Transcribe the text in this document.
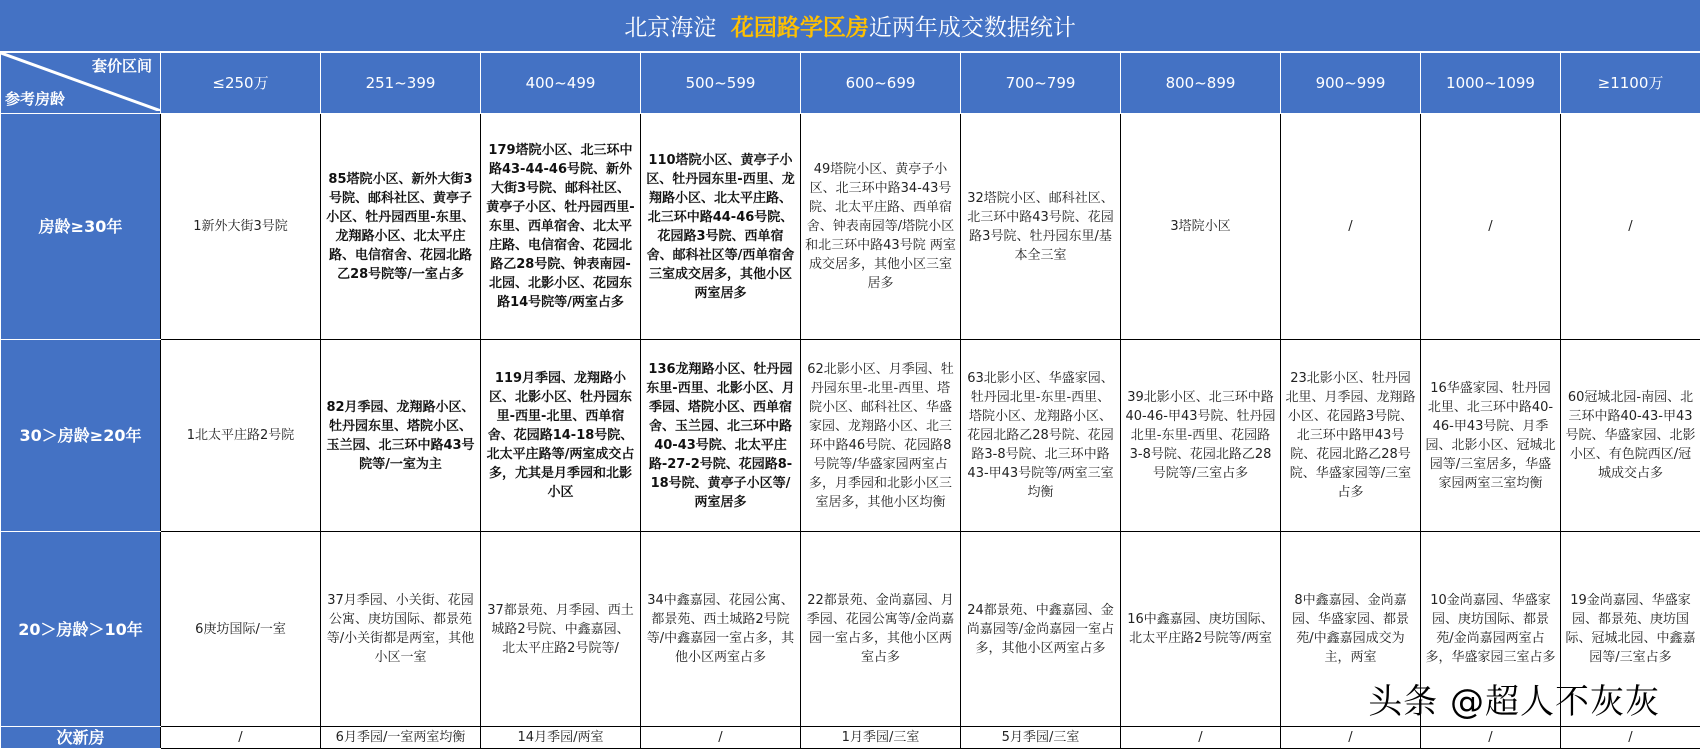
北京海淀 花园路学区房 近两年成交数据统计
套价区间
参考房龄	≤250万	251~399	400~499	500~599	600~699	700~799	800~899	900~999	1000~1099	≥1100万
房龄≥30年	1新外大街3号院	85塔院小区、新外大街3号院、邮科社区、黄亭子小区、牡丹园西里-东里、龙翔路小区、北太平庄路、电信宿舍、花园北路乙28号院等/一室占多	179塔院小区、北三环中路43-44-46号院、新外大街3号院、邮科社区、黄亭子小区、牡丹园西里-东里、西单宿舍、北太平庄路、电信宿舍、花园北路乙28号院、钟表南园-北园、北影小区、花园东路14号院等/两室占多	110塔院小区、黄亭子小区、牡丹园东里-西里、龙翔路小区、北太平庄路、北三环中路44-46号院、花园路3号院、西单宿舍、邮科社区等/西单宿舍三室成交居多，其他小区两室居多	49塔院小区、黄亭子小区、北三环中路34-43号院、北太平庄路、西单宿舍、钟表南园等/塔院小区和北三环中路43号院 两室成交居多，其他小区三室居多	32塔院小区、邮科社区、北三环中路43号院、花园路3号院、牡丹园东里/基本全三室	3塔院小区	/	/	/
30＞房龄≥20年	1北太平庄路2号院	82月季园、龙翔路小区、牡丹园东里、塔院小区、玉兰园、北三环中路43号院等/一室为主	119月季园、龙翔路小区、北影小区、牡丹园东里-西里-北里、西单宿舍、花园路14-18号院、北太平庄路等/两室成交占多，尤其是月季园和北影小区	136龙翔路小区、牡丹园东里-西里、北影小区、月季园、塔院小区、西单宿舍、玉兰园、北三环中路40-43号院、北太平庄路-27-2号院、花园路8-18号院、黄亭子小区等/两室居多	62北影小区、月季园、牡丹园东里-北里-西里、塔院小区、邮科社区、华盛家园、龙翔路小区、北三环中路46号院、花园路8号院等/华盛家园两室占多，月季园和北影小区三室居多，其他小区均衡	63北影小区、华盛家园、牡丹园北里-东里-西里、塔院小区、龙翔路小区、花园北路乙28号院、花园路3-8号院、北三环中路43-甲43号院等/两室三室均衡	39北影小区、北三环中路40-46-甲43号院、牡丹园北里-东里-西里、花园路3-8号院、花园北路乙28号院等/三室占多	23北影小区、牡丹园北里、月季园、龙翔路小区、花园路3号院、北三环中路甲43号院、花园北路乙28号院、华盛家园等/三室占多	16华盛家园、牡丹园北里、北三环中路40-46-甲43号院、月季园、北影小区、冠城北园等/三室居多，华盛家园两室三室均衡	60冠城北园-南园、北三环中路40-43-甲43号院、华盛家园、北影小区、有色院西区/冠城成交占多
20＞房龄＞10年	6庚坊国际/一室	37月季园、小关街、花园公寓、庚坊国际、都景苑等/小关街都是两室，其他小区一室	37都景苑、月季园、西土城路2号院、中鑫嘉园、北太平庄路2号院等/	34中鑫嘉园、花园公寓、都景苑、西土城路2号院等/中鑫嘉园一室占多，其他小区两室占多	22都景苑、金尚嘉园、月季园、花园公寓等/金尚嘉园一室占多，其他小区两室占多	24都景苑、中鑫嘉园、金尚嘉园等/金尚嘉园一室占多，其他小区两室占多	16中鑫嘉园、庚坊国际、北太平庄路2号院等/两室	8中鑫嘉园、金尚嘉园、华盛家园、都景苑/中鑫嘉园成交为主，两室	10金尚嘉园、华盛家园、庚坊国际、都景苑/金尚嘉园两室占多，华盛家园三室占多	19金尚嘉园、华盛家园、都景苑、庚坊国际、冠城北园、中鑫嘉园等/三室占多
次新房	/	6月季园/一室两室均衡	14月季园/两室	/	1月季园/三室	5月季园/三室	/	/	/	/
头条 @超人不灰灰
